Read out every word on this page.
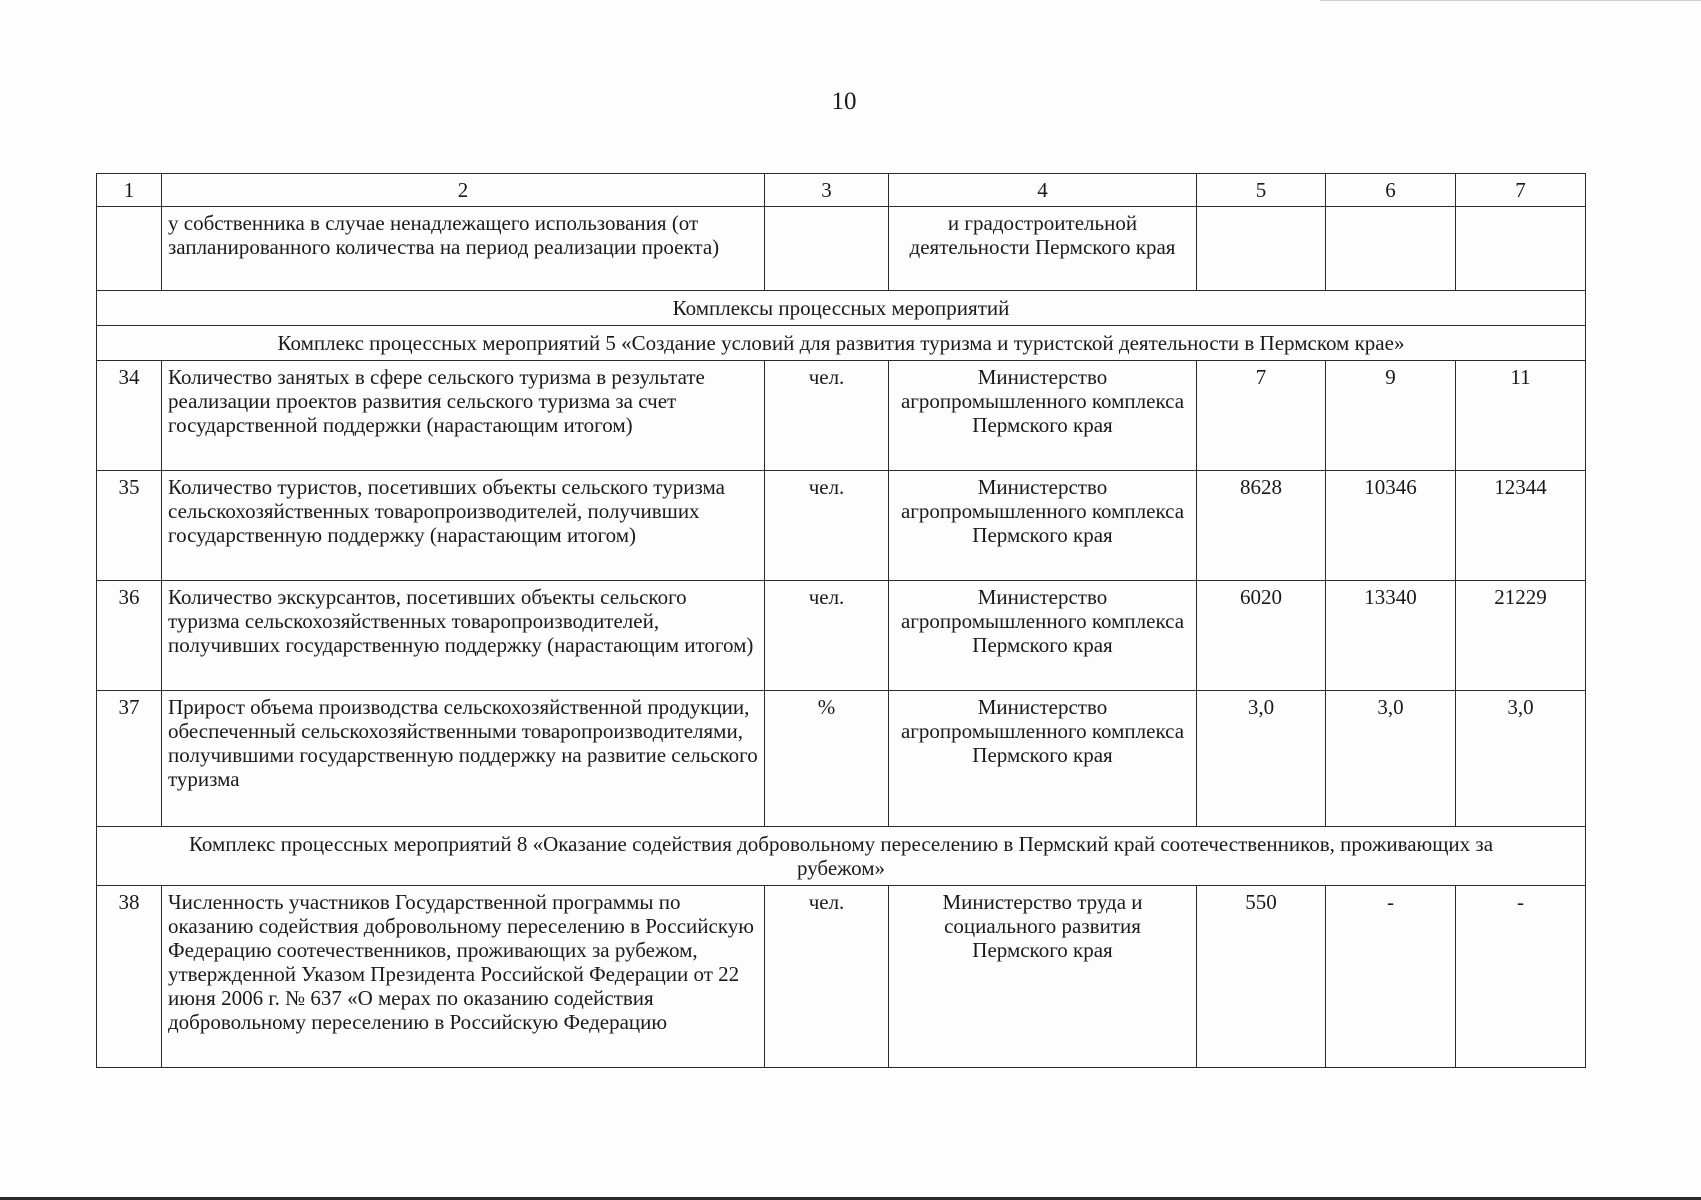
10
1	2	3	4	5	6	7
	у собственника в случае ненадлежащего использования (от запланированного количества на период реализации проекта)		и градостроительной деятельности Пермского края			
Комплексы процессных мероприятий						
Комплекс процессных мероприятий 5 «Создание условий для развития туризма и туристской деятельности в Пермском крае»						
34	Количество занятых в сфере сельского туризма в результате реализации проектов развития сельского туризма за счет государственной поддержки (нарастающим итогом)	чел.	Министерство агропромышленного комплекса Пермского края	7	9	11
35	Количество туристов, посетивших объекты сельского туризма сельскохозяйственных товаропроизводителей, получивших государственную поддержку (нарастающим итогом)	чел.	Министерство агропромышленного комплекса Пермского края	8628	10346	12344
36	Количество экскурсантов, посетивших объекты сельского туризма сельскохозяйственных товаропроизводителей, получивших государственную поддержку (нарастающим итогом)	чел.	Министерство агропромышленного комплекса Пермского края	6020	13340	21229
37	Прирост объема производства сельскохозяйственной продукции, обеспеченный сельскохозяйственными товаропроизводителями, получившими государственную поддержку на развитие сельского туризма	%	Министерство агропромышленного комплекса Пермского края	3,0	3,0	3,0
Комплекс процессных мероприятий 8 «Оказание содействия добровольному переселению в Пермский край соотечественников, проживающих за рубежом»						
38	Численность участников Государственной программы по оказанию содействия добровольному переселению в Российскую Федерацию соотечественников, проживающих за рубежом, утвержденной Указом Президента Российской Федерации от 22 июня 2006 г. № 637 «О мерах по оказанию содействия добровольному переселению в Российскую Федерацию	чел.	Министерство труда и социального развития Пермского края	550	-	-
